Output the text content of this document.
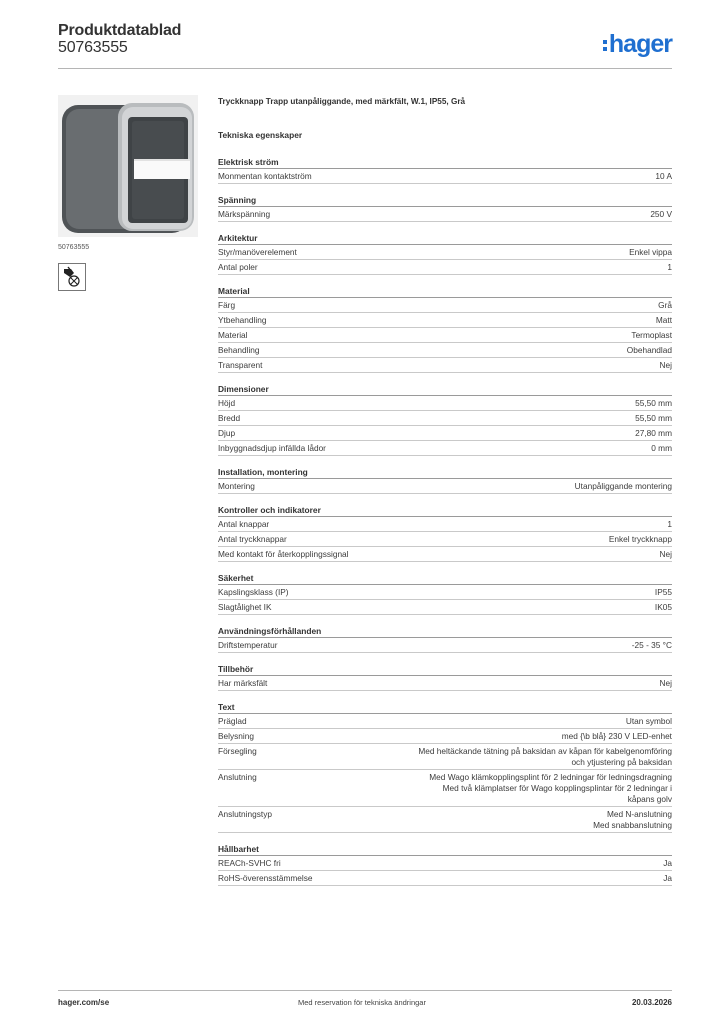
Produktdatablad
50763555	hager
50763555
Tryckknapp Trapp utanpåliggande, med märkfält, W.1, IP55, Grå
Tekniska egenskaper
Elektrisk ström
Monmentan kontaktström	10 A
Spänning
Märkspänning	250 V
Arkitektur
Styr/manöverelement	Enkel vippa
Antal poler	1
Material
Färg	Grå
Ytbehandling	Matt
Material	Termoplast
Behandling	Obehandlad
Transparent	Nej
Dimensioner
Höjd	55,50 mm
Bredd	55,50 mm
Djup	27,80 mm
Inbyggnadsdjup infällda lådor	0 mm
Installation, montering
Montering	Utanpåliggande montering
Kontroller och indikatorer
Antal knappar	1
Antal tryckknappar	Enkel tryckknapp
Med kontakt för återkopplingssignal	Nej
Säkerhet
Kapslingsklass (IP)	IP55
Slagtålighet IK	IK05
Användningsförhållanden
Driftstemperatur	-25 - 35 °C
Tillbehör
Har märksfält	Nej
Text
Präglad	Utan symbol
Belysning	med {\b blå} 230 V LED-enhet
Försegling	Med heltäckande tätning på baksidan av kåpan för kabelgenomföring
och ytjustering på baksidan
Anslutning	Med Wago klämkopplingsplint för 2 ledningar för ledningsdragning
Med två klämplatser för Wago kopplingsplintar för 2 ledningar i
kåpans golv
Anslutningstyp	Med N-anslutning
Med snabbanslutning
Hållbarhet
REACh-SVHC fri	Ja
RoHS-överensstämmelse	Ja
hager.com/se	Med reservation för tekniska ändringar	20.03.2026
